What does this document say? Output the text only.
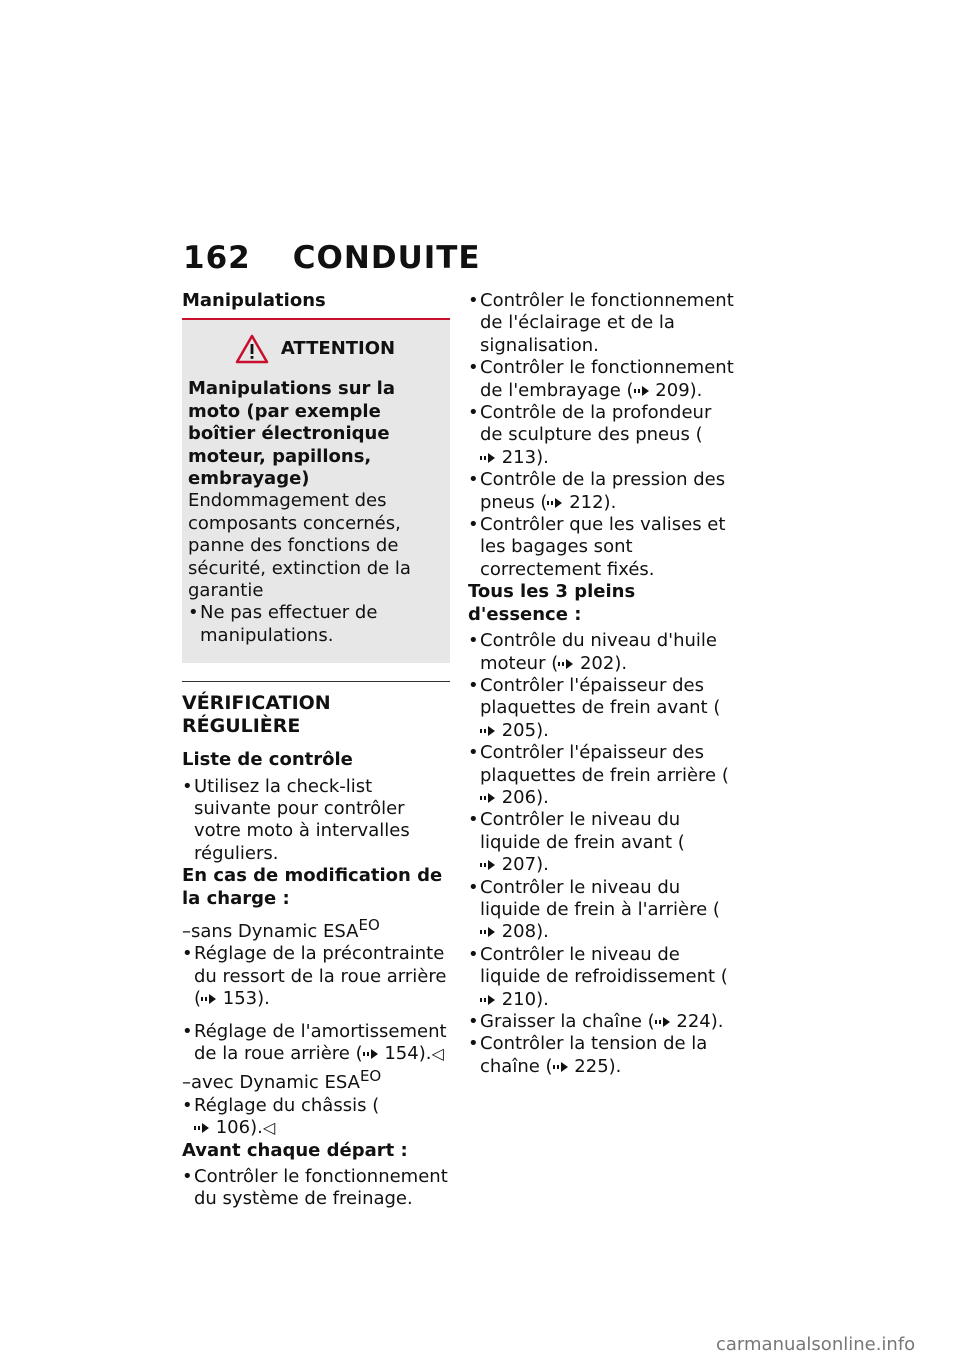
162 CONDUITE
Manipulations
ATTENTION
Manipulations sur la moto (par exemple boîtier électronique moteur, papillons, embrayage)
Endommagement des composants concernés, panne des fonctions de sécurité, extinction de la garantie
• Ne pas effectuer de manipulations.
VÉRIFICATION RÉGULIÈRE
Liste de contrôle
• Utilisez la check-list suivante pour contrôler votre moto à intervalles réguliers.
En cas de modification de la charge :
–sans Dynamic $ESA^{EO}$
• Réglage de la précontrainte du ressort de la roue arrière ( 153).
• Réglage de l'amortissement de la roue arrière ( 154).◁
–avec Dynamic $ESA^{EO}$
• Réglage du châssis ( 106).◁
Avant chaque départ :
• Contrôler le fonctionnement du système de freinage.
• Contrôler le fonctionnement de l'éclairage et de la signalisation.
• Contrôler le fonctionnement de l'embrayage ( 209).
• Contrôle de la profondeur de sculpture des pneus ( 213).
• Contrôle de la pression des pneus ( 212).
• Contrôler que les valises et les bagages sont correctement fixés.
Tous les 3 pleins d'essence :
• Contrôle du niveau d'huile moteur ( 202).
• Contrôler l'épaisseur des plaquettes de frein avant ( 205).
• Contrôler l'épaisseur des plaquettes de frein arrière ( 206).
• Contrôler le niveau du liquide de frein avant ( 207).
• Contrôler le niveau du liquide de frein à l'arrière ( 208).
• Contrôler le niveau de liquide de refroidissement ( 210).
• Graisser la chaîne ( 224).
• Contrôler la tension de la chaîne ( 225).
carmanualsonline.info
